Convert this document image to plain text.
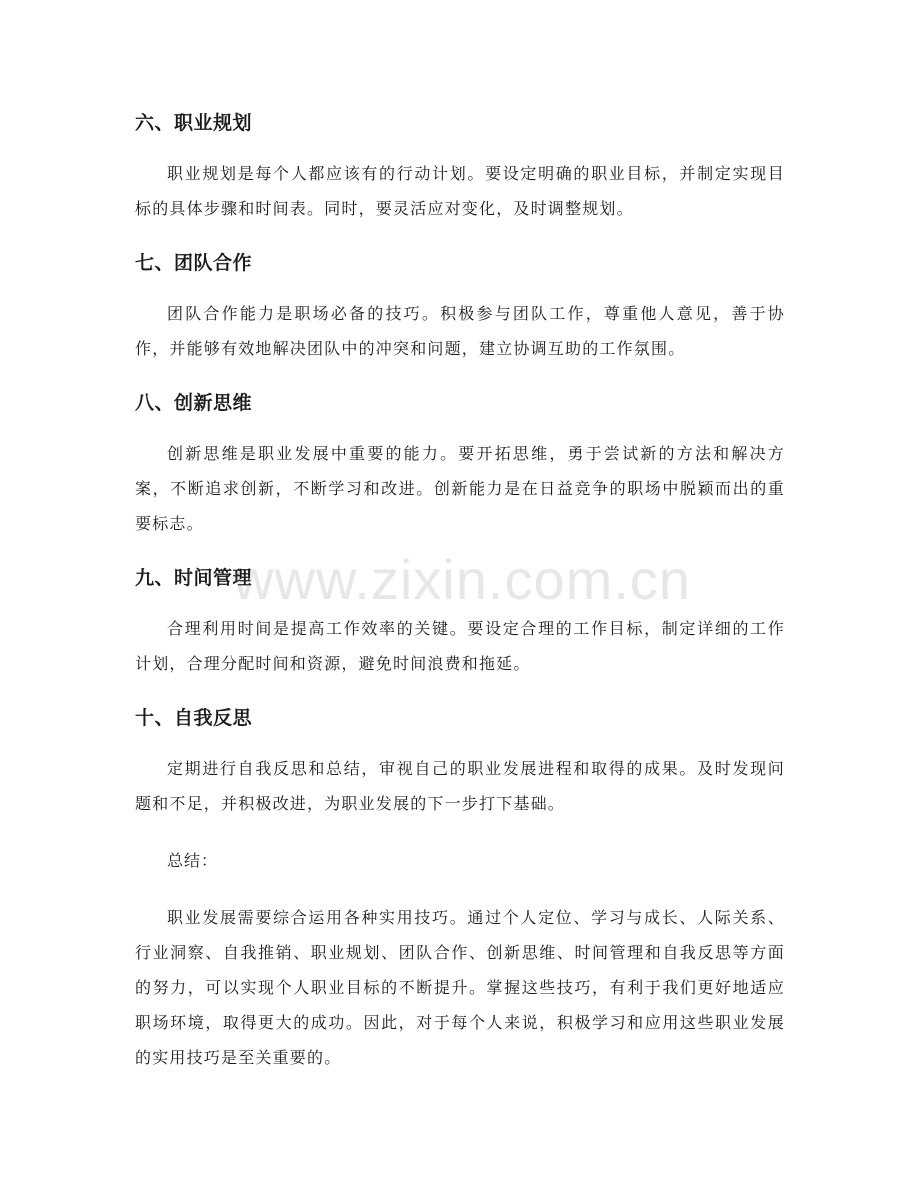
六、职业规划

职业规划是每个人都应该有的行动计划。要设定明确的职业目标，并制定实现目标的具体步骤和时间表。同时，要灵活应对变化，及时调整规划。

七、团队合作

团队合作能力是职场必备的技巧。积极参与团队工作，尊重他人意见，善于协作，并能够有效地解决团队中的冲突和问题，建立协调互助的工作氛围。

八、创新思维

创新思维是职业发展中重要的能力。要开拓思维，勇于尝试新的方法和解决方案，不断追求创新，不断学习和改进。创新能力是在日益竞争的职场中脱颖而出的重要标志。

九、时间管理

合理利用时间是提高工作效率的关键。要设定合理的工作目标，制定详细的工作计划，合理分配时间和资源，避免时间浪费和拖延。

十、自我反思

定期进行自我反思和总结，审视自己的职业发展进程和取得的成果。及时发现问题和不足，并积极改进，为职业发展的下一步打下基础。

总结：

职业发展需要综合运用各种实用技巧。通过个人定位、学习与成长、人际关系、行业洞察、自我推销、职业规划、团队合作、创新思维、时间管理和自我反思等方面的努力，可以实现个人职业目标的不断提升。掌握这些技巧，有利于我们更好地适应职场环境，取得更大的成功。因此，对于每个人来说，积极学习和应用这些职业发展的实用技巧是至关重要的。

www.zixin.com.cn
